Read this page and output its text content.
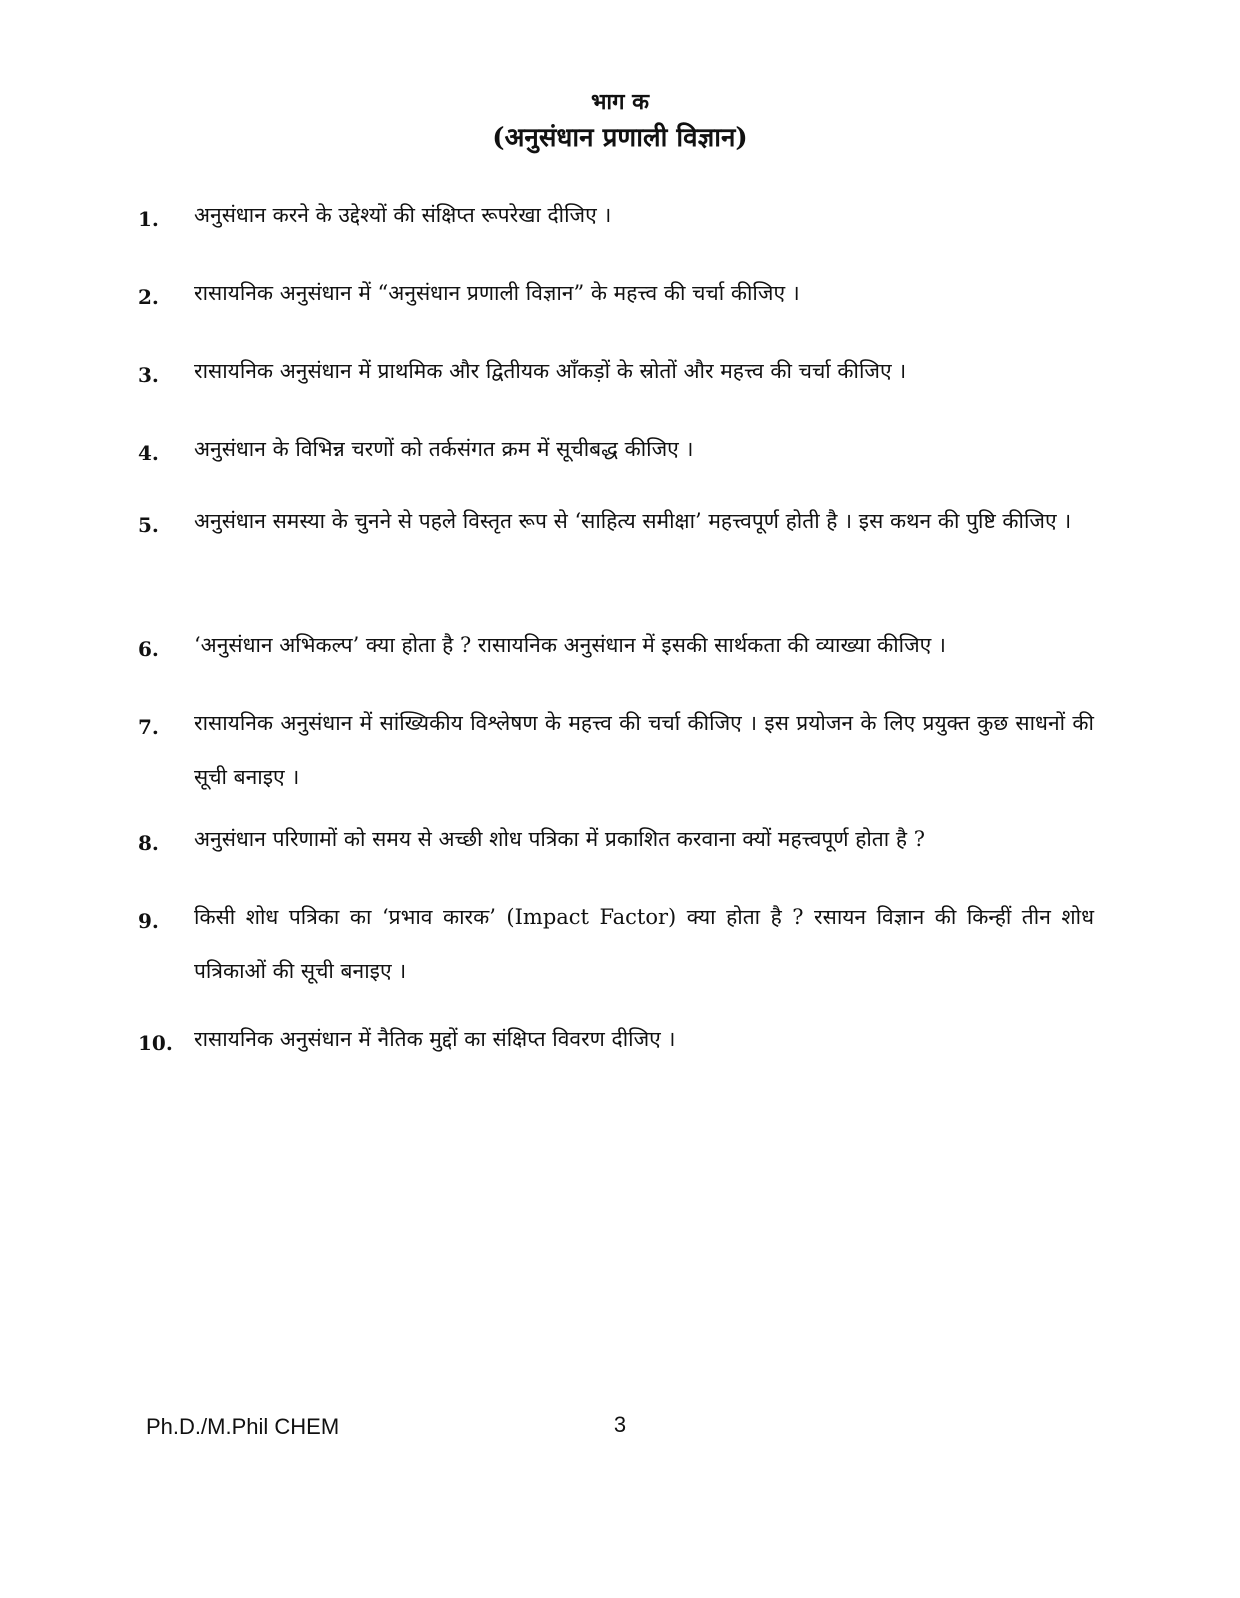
भाग क
(अनुसंधान प्रणाली विज्ञान)
1.	अनुसंधान करने के उद्देश्यों की संक्षिप्त रूपरेखा दीजिए ।
2.	रासायनिक अनुसंधान में “अनुसंधान प्रणाली विज्ञान” के महत्त्व की चर्चा कीजिए ।
3.	रासायनिक अनुसंधान में प्राथमिक और द्वितीयक आँकड़ों के स्रोतों और महत्त्व की चर्चा कीजिए ।
4.	अनुसंधान के विभिन्न चरणों को तर्कसंगत क्रम में सूचीबद्ध कीजिए ।
5.	अनुसंधान समस्या के चुनने से पहले विस्तृत रूप से ‘साहित्य समीक्षा’ महत्त्वपूर्ण होती है । इस कथन की पुष्टि कीजिए ।
6.	‘अनुसंधान अभिकल्प’ क्या होता है ? रासायनिक अनुसंधान में इसकी सार्थकता की व्याख्या कीजिए ।
7.	रासायनिक अनुसंधान में सांख्यिकीय विश्लेषण के महत्त्व की चर्चा कीजिए । इस प्रयोजन के लिए प्रयुक्त कुछ साधनों की सूची बनाइए ।
8.	अनुसंधान परिणामों को समय से अच्छी शोध पत्रिका में प्रकाशित करवाना क्यों महत्त्वपूर्ण होता है ?
9.	किसी शोध पत्रिका का ‘प्रभाव कारक’ (Impact Factor) क्या होता है ? रसायन विज्ञान की किन्हीं तीन शोध पत्रिकाओं की सूची बनाइए ।
10.	रासायनिक अनुसंधान में नैतिक मुद्दों का संक्षिप्त विवरण दीजिए ।
Ph.D./M.Phil CHEM	3
